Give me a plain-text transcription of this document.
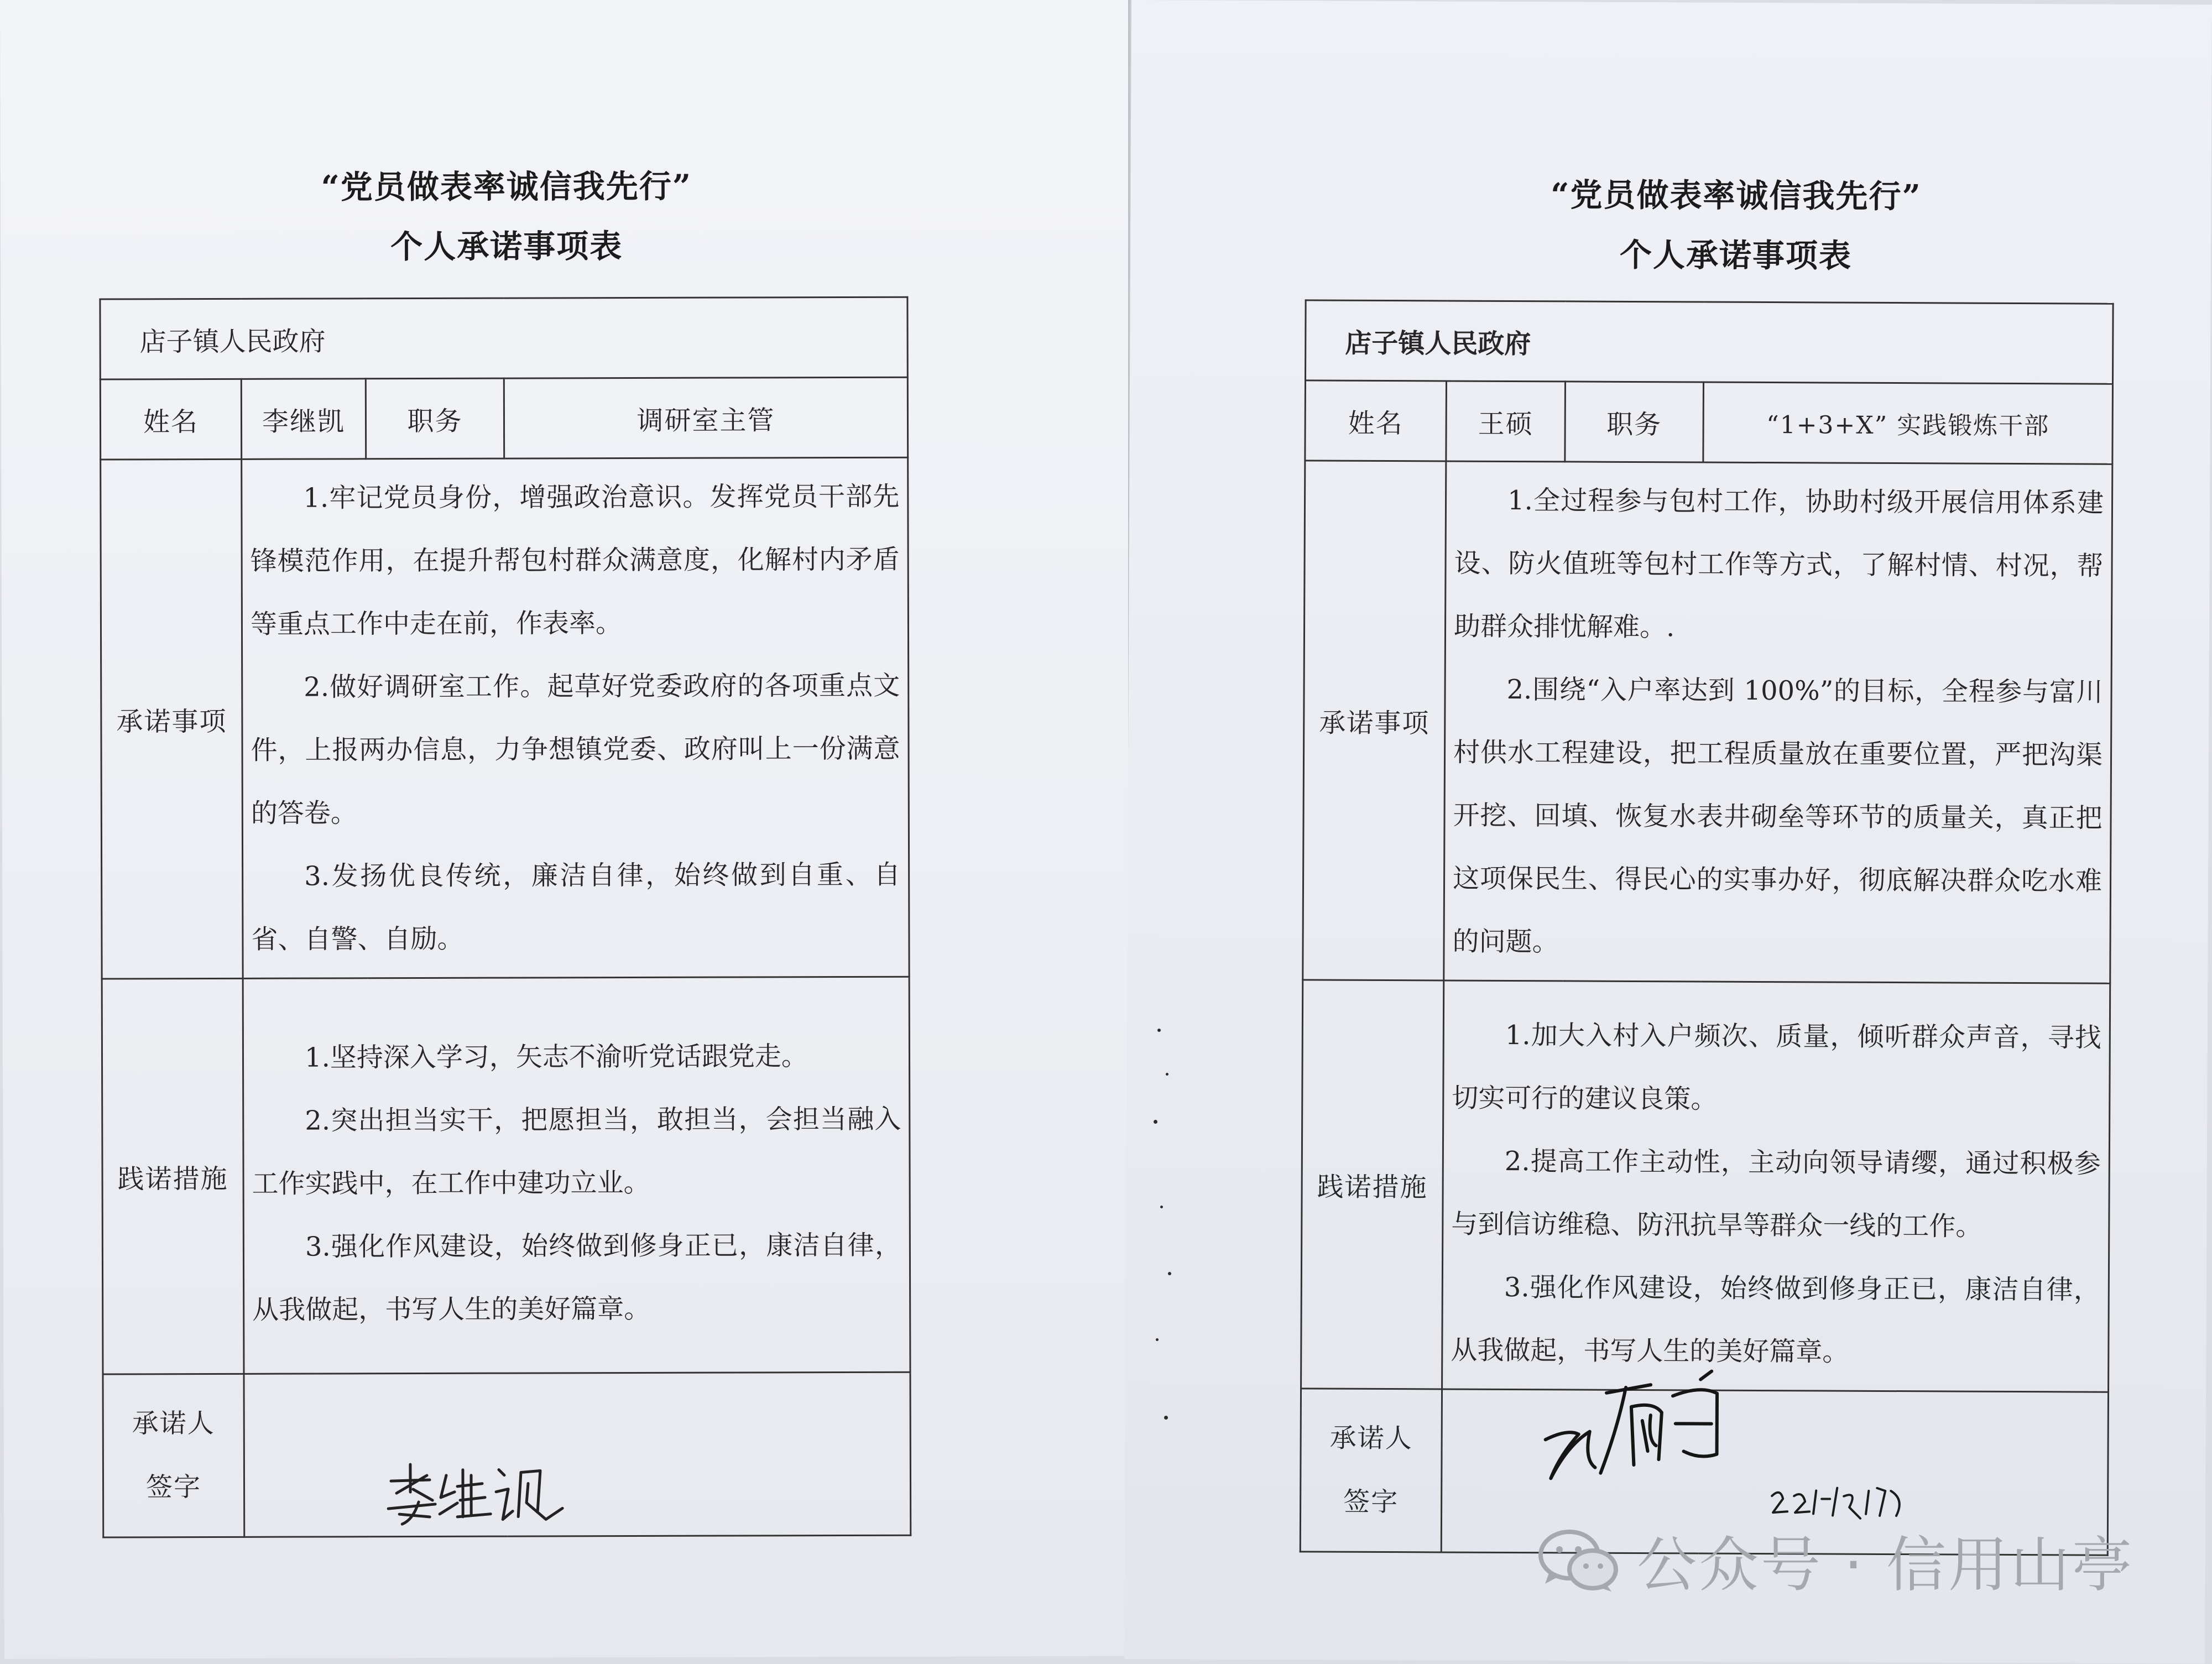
“党员做表率诚信我先行”
个人承诺事项表
店子镇人民政府			
姓名	李继凯	职务	调研室主管
承诺事项	1.牢记党员身份，增强政治意识。发挥党员干部先锋模范作用，在提升帮包村群众满意度，化解村内矛盾等重点工作中走在前，作表率。

2.做好调研室工作。起草好党委政府的各项重点文件，上报两办信息，力争想镇党委、政府叫上一份满意的答卷。

3.发扬优良传统，廉洁自律，始终做到自重、自省、自警、自励。		

践诺措施	1.坚持深入学习，矢志不渝听党话跟党走。

2.突出担当实干，把愿担当，敢担当，会担当融入工作实践中，在工作中建功立业。

3.强化作风建设，始终做到修身正已，康洁自律，从我做起，书写人生的美好篇章。		

承诺人
签字			

“党员做表率诚信我先行”
个人承诺事项表
店子镇人民政府			
姓名	王硕	职务	“1+3+X” 实践锻炼干部
承诺事项	1.全过程参与包村工作，协助村级开展信用体系建设、防火值班等包村工作等方式，了解村情、村况，帮助群众排忧解难。.

2.围绕“入户率达到 100%”的目标，全程参与富川村供水工程建设，把工程质量放在重要位置，严把沟渠开挖、回填、恢复水表井砌垒等环节的质量关，真正把这项保民生、得民心的实事办好，彻底解决群众吃水难的问题。		

践诺措施	1.加大入村入户频次、质量，倾听群众声音，寻找切实可行的建议良策。

2.提高工作主动性，主动向领导请缨，通过积极参与到信访维稳、防汛抗旱等群众一线的工作。

3.强化作风建设，始终做到修身正已，康洁自律，从我做起，书写人生的美好篇章。		

承诺人
签字			

公众号 · 信用山亭
